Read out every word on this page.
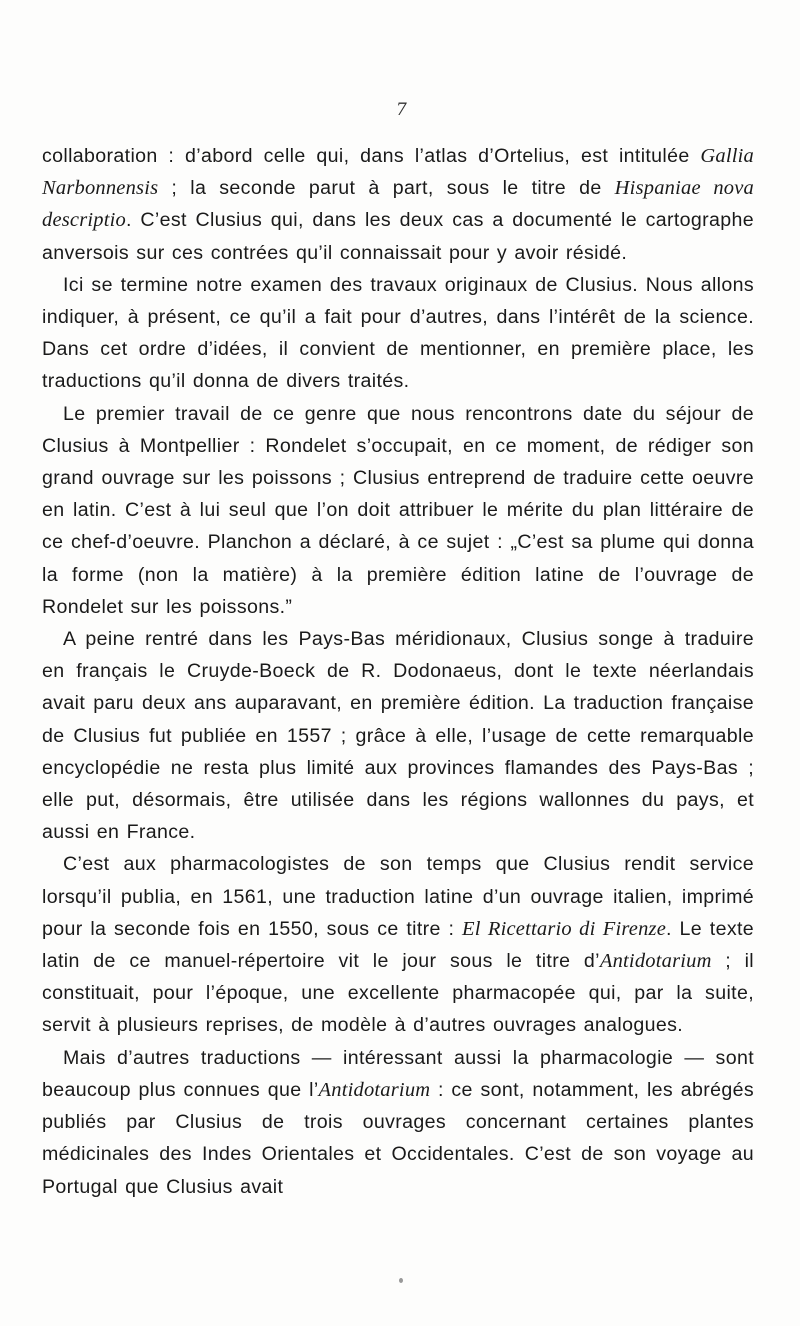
7

collaboration : d’abord celle qui, dans l’atlas d’Ortelius, est intitulée Gallia Narbonnensis ; la seconde parut à part, sous le titre de Hispaniae nova descriptio. C’est Clusius qui, dans les deux cas a documenté le cartographe anversois sur ces contrées qu’il connaissait pour y avoir résidé.

Ici se termine notre examen des travaux originaux de Clusius. Nous allons indiquer, à présent, ce qu’il a fait pour d’autres, dans l’intérêt de la science. Dans cet ordre d’idées, il convient de mentionner, en première place, les traductions qu’il donna de divers traités.

Le premier travail de ce genre que nous rencontrons date du séjour de Clusius à Montpellier : Rondelet s’occupait, en ce moment, de rédiger son grand ouvrage sur les poissons ; Clusius entreprend de traduire cette oeuvre en latin. C’est à lui seul que l’on doit attribuer le mérite du plan littéraire de ce chef-d’oeuvre. Planchon a déclaré, à ce sujet : „C’est sa plume qui donna la forme (non la matière) à la première édition latine de l’ouvrage de Rondelet sur les poissons.”

A peine rentré dans les Pays-Bas méridionaux, Clusius songe à traduire en français le Cruyde-Boeck de R. Dodonaeus, dont le texte néerlandais avait paru deux ans auparavant, en première édition. La traduction française de Clusius fut publiée en 1557 ; grâce à elle, l’usage de cette remarquable encyclopédie ne resta plus limité aux provinces flamandes des Pays-Bas ; elle put, désormais, être utilisée dans les régions wallonnes du pays, et aussi en France.

C’est aux pharmacologistes de son temps que Clusius rendit service lorsqu’il publia, en 1561, une traduction latine d’un ouvrage italien, imprimé pour la seconde fois en 1550, sous ce titre : El Ricettario di Firenze. Le texte latin de ce manuel-répertoire vit le jour sous le titre d’Antidotarium ; il constituait, pour l’époque, une excellente pharmacopée qui, par la suite, servit à plusieurs reprises, de modèle à d’autres ouvrages analogues.

Mais d’autres traductions — intéressant aussi la pharmacologie — sont beaucoup plus connues que l’Antidotarium : ce sont, notamment, les abrégés publiés par Clusius de trois ouvrages concernant certaines plantes médicinales des Indes Orientales et Occidentales. C’est de son voyage au Portugal que Clusius avait
